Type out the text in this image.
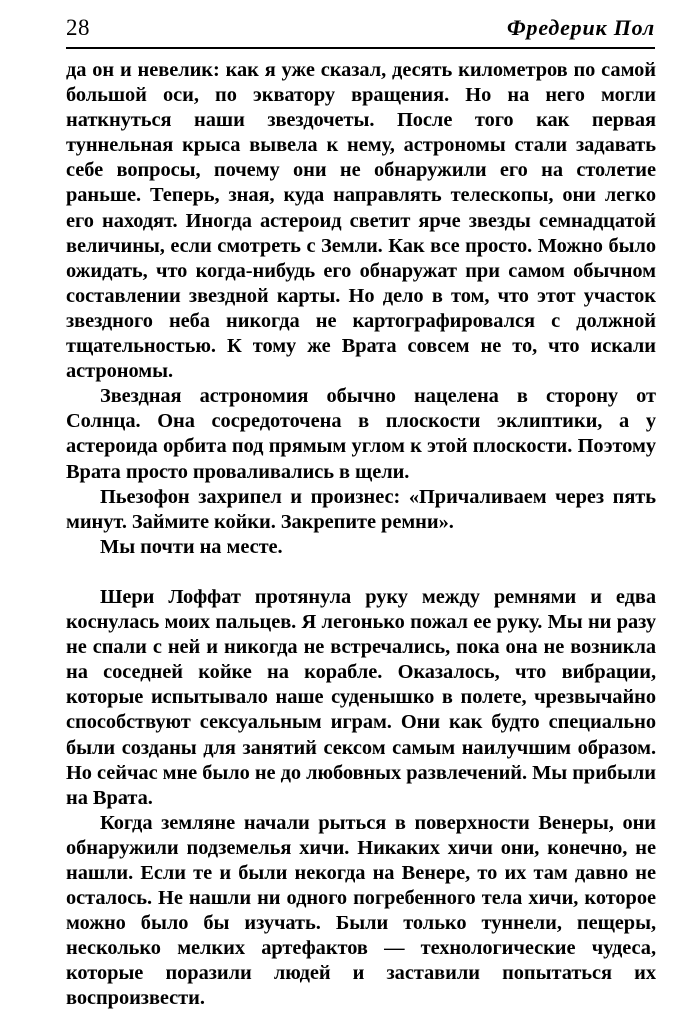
28	Фредерик Пол

да он и невелик: как я уже сказал, десять километров по самой большой оси, по экватору вращения. Но на него могли наткнуться наши звездочеты. После того как первая туннельная крыса вывела к нему, астрономы стали задавать себе вопросы, почему они не обнаружили его на столетие раньше. Теперь, зная, куда направлять телескопы, они легко его находят. Иногда астероид светит ярче звезды семнадцатой величины, если смотреть с Земли. Как все просто. Можно было ожидать, что когда-нибудь его обнаружат при самом обычном составлении звездной карты. Но дело в том, что этот участок звездного неба никогда не картографировался с должной тщательностью. К тому же Врата совсем не то, что искали астрономы.

Звездная астрономия обычно нацелена в сторону от Солнца. Она сосредоточена в плоскости эклиптики, а у астероида орбита под прямым углом к этой плоскости. Поэтому Врата просто проваливались в щели.

Пьезофон захрипел и произнес: «Причаливаем через пять минут. Займите койки. Закрепите ремни».

Мы почти на месте.

Шери Лоффат протянула руку между ремнями и едва коснулась моих пальцев. Я легонько пожал ее руку. Мы ни разу не спали с ней и никогда не встречались, пока она не возникла на соседней койке на корабле. Оказалось, что вибрации, которые испытывало наше суденышко в полете, чрезвычайно способствуют сексуальным играм. Они как будто специально были созданы для занятий сексом самым наилучшим образом. Но сейчас мне было не до любовных развлечений. Мы прибыли на Врата.

Когда земляне начали рыться в поверхности Венеры, они обнаружили подземелья хичи. Никаких хичи они, конечно, не нашли. Если те и были некогда на Венере, то их там давно не осталось. Не нашли ни одного погребенного тела хичи, которое можно было бы изучать. Были только туннели, пещеры, несколько мелких артефактов — технологические чудеса, которые поразили людей и заставили попытаться их воспроизвести.
